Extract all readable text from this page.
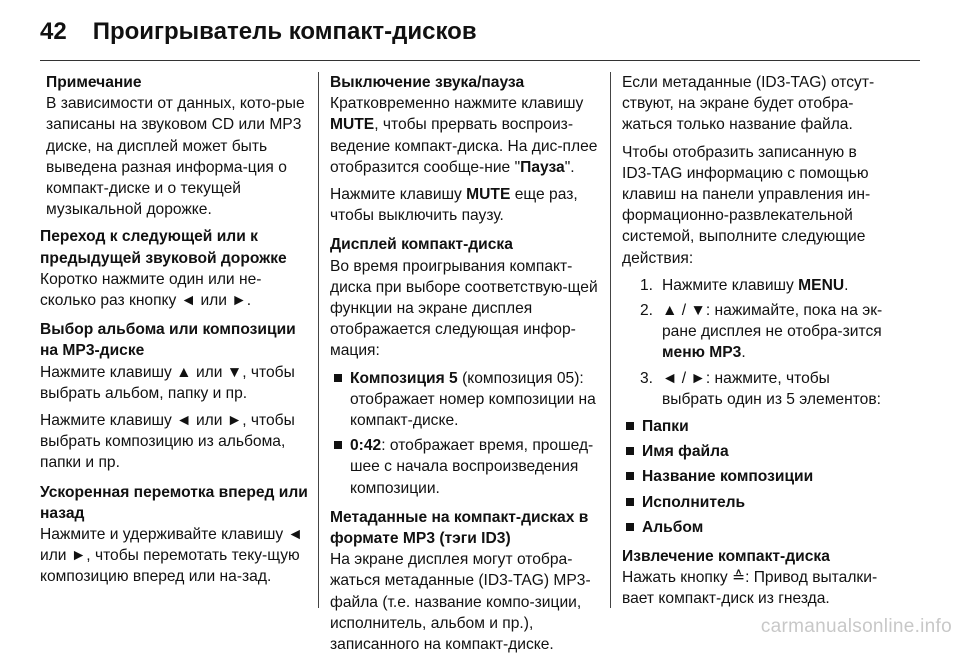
42 Проигрыватель компакт-дисков

Примечание

В зависимости от данных, кото-рые записаны на звуковом CD или MP3 диске, на дисплей может быть выведена разная информа-ция о компакт-диске и о текущей музыкальной дорожке.

Переход к следующей или к предыдущей звуковой дорожке

Коротко нажмите один или не-сколько раз кнопку ◄ или ►.

Выбор альбома или композиции на MP3-диске

Нажмите клавишу ▲ или ▼, чтобы выбрать альбом, папку и пр.

Нажмите клавишу ◄ или ►, чтобы выбрать композицию из альбома, папки и пр.

Ускоренная перемотка вперед или назад

Нажмите и удерживайте клавишу ◄ или ►, чтобы перемотать теку-щую композицию вперед или на-зад.

Выключение звука/пауза

Кратковременно нажмите клавишу MUTE, чтобы прервать воспроиз-ведение компакт-диска. На дис-плее отобразится сообще-ние "Пауза".

Нажмите клавишу MUTE еще раз, чтобы выключить паузу.

Дисплей компакт-диска

Во время проигрывания компакт-диска при выборе соответствую-щей функции на экране дисплея отображается следующая инфор-мация:

Композиция 5 (композиция 05): отображает номер композиции на компакт-диске.
0:42: отображает время, прошед-шее с начала воспроизведения композиции.

Метаданные на компакт-дисках в формате MP3 (тэги ID3)

На экране дисплея могут отобра-жаться метаданные (ID3-TAG) MP3-файла (т.е. название компо-зиции, исполнитель, альбом и пр.), записанного на компакт-диске.

Если метаданные (ID3-TAG) отсут-ствуют, на экране будет отобра-жаться только название файла.

Чтобы отобразить записанную в ID3-TAG информацию с помощью клавиш на панели управления ин-формационно-развлекательной системой, выполните следующие действия:

1. Нажмите клавишу MENU.
2. ▲ / ▼: нажимайте, пока на эк-ране дисплея не отобра-зится меню MP3.
3. ◄ / ►: нажмите, чтобы выбрать один из 5 элементов:
Папки
Имя файла
Название композиции
Исполнитель
Альбом

Извлечение компакт-диска

Нажать кнопку ≙: Привод выталки-вает компакт-диск из гнезда.

carmanualsonline.info
